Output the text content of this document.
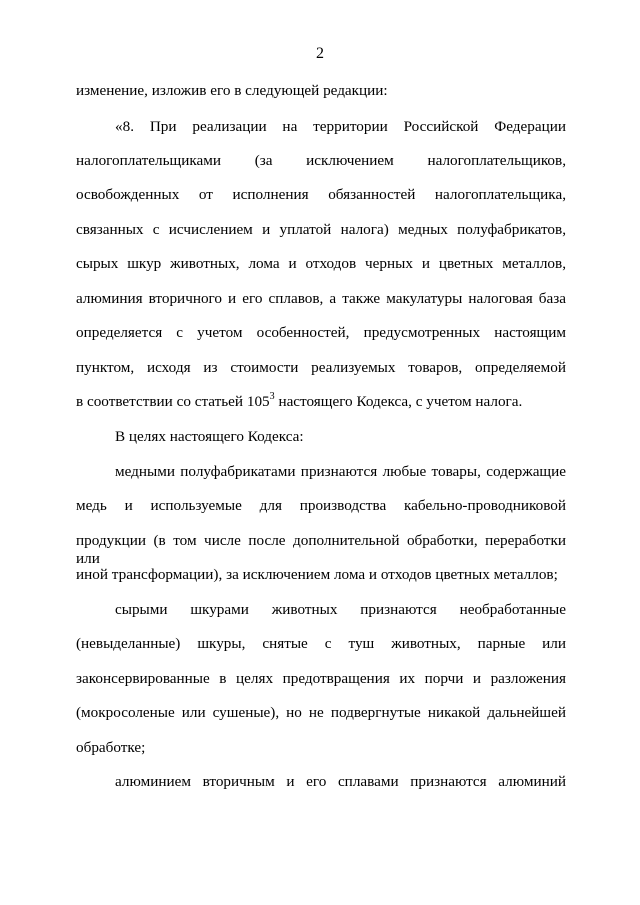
2
изменение, изложив его в следующей редакции:
«8. При реализации на территории Российской Федерации
налогоплательщиками (за исключением налогоплательщиков,
освобожденных от исполнения обязанностей налогоплательщика,
связанных с исчислением и уплатой налога) медных полуфабрикатов,
сырых шкур животных, лома и отходов черных и цветных металлов,
алюминия вторичного и его сплавов, а также макулатуры налоговая база
определяется с учетом особенностей, предусмотренных настоящим
пунктом, исходя из стоимости реализуемых товаров, определяемой
в соответствии со статьей $105^3$ настоящего Кодекса, с учетом налога.
В целях настоящего Кодекса:
медными полуфабрикатами признаются любые товары, содержащие
медь и используемые для производства кабельно-проводниковой
продукции (в том числе после дополнительной обработки, переработки или
иной трансформации), за исключением лома и отходов цветных металлов;
сырыми шкурами животных признаются необработанные
(невыделанные) шкуры, снятые с туш животных, парные или
законсервированные в целях предотвращения их порчи и разложения
(мокросоленые или сушеные), но не подвергнутые никакой дальнейшей
обработке;
алюминием вторичным и его сплавами признаются алюминий
